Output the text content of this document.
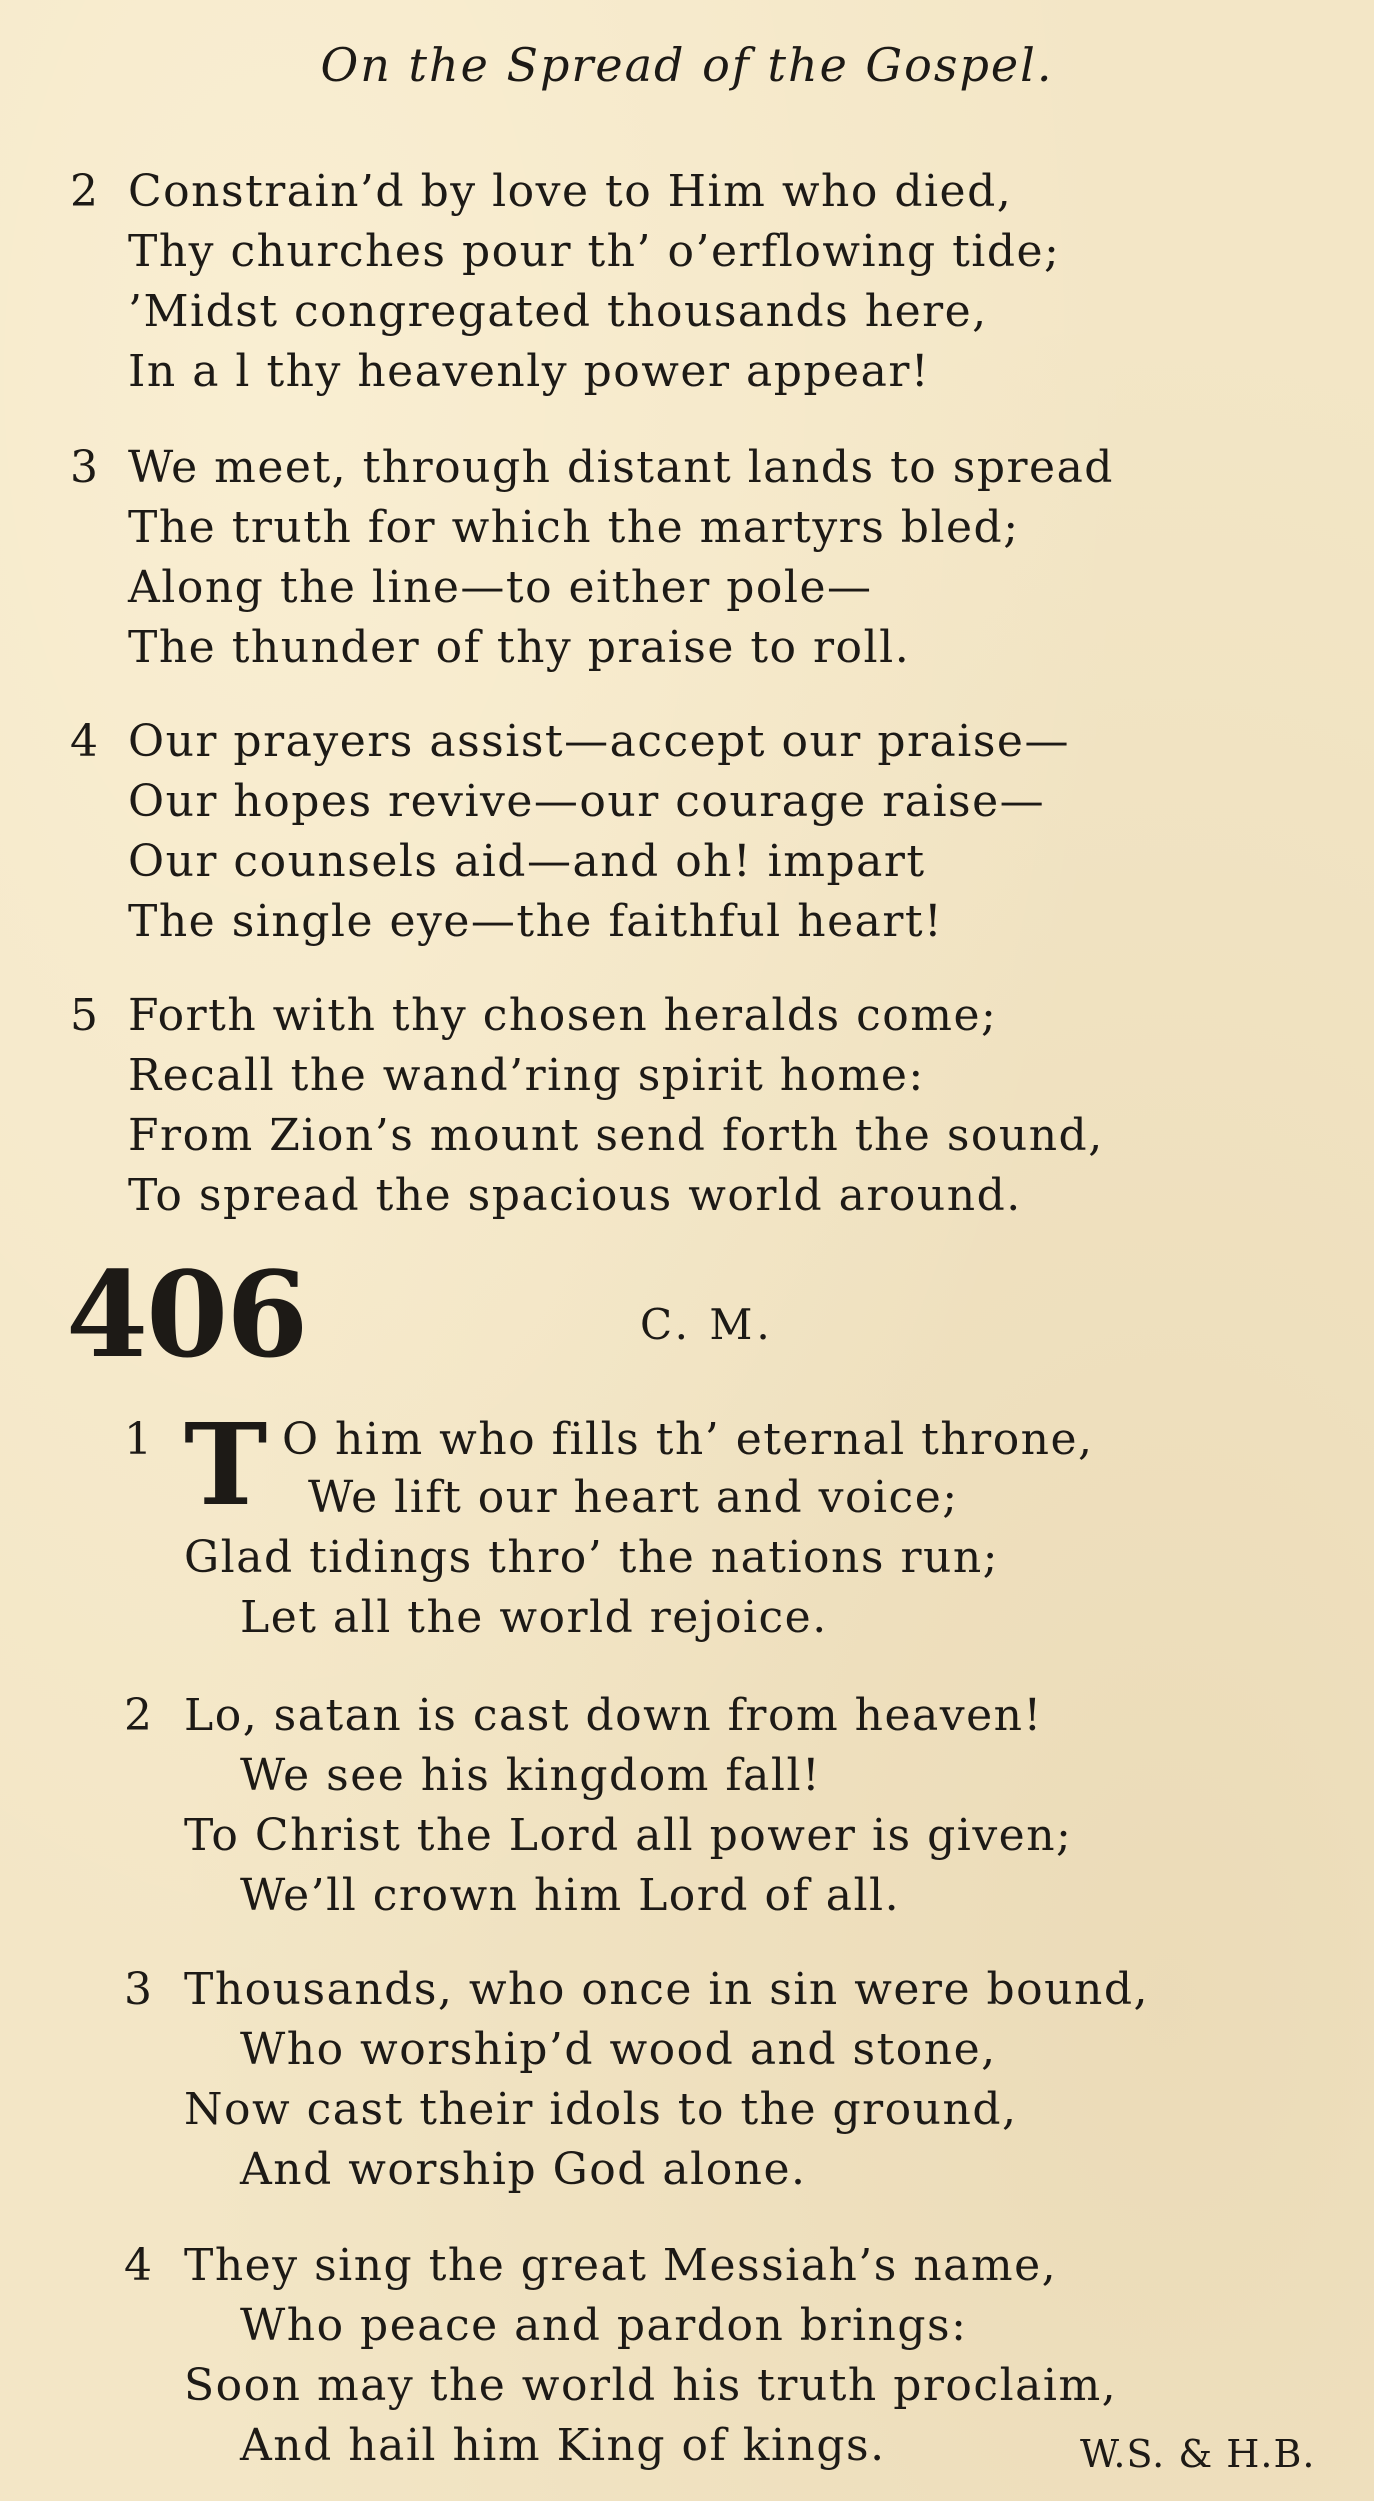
On the Spread of the Gospel.
2 Constrain’d by love to Him who died,
Thy churches pour th’ o’erflowing tide;
’Midst congregated thousands here,
In a l thy heavenly power appear!
3 We meet, through distant lands to spread
The truth for which the martyrs bled;
Along the line—to either pole—
The thunder of thy praise to roll.
4 Our prayers assist—accept our praise—
Our hopes revive—our courage raise—
Our counsels aid—and oh! impart
The single eye—the faithful heart!
5 Forth with thy chosen heralds come;
Recall the wand’ring spirit home:
From Zion’s mount send forth the sound,
To spread the spacious world around.
406	C. M.
1 T O him who fills th’ eternal throne,
We lift our heart and voice;
Glad tidings thro’ the nations run;
Let all the world rejoice.
2 Lo, satan is cast down from heaven!
We see his kingdom fall!
To Christ the Lord all power is given;
We’ll crown him Lord of all.
3 Thousands, who once in sin were bound,
Who worship’d wood and stone,
Now cast their idols to the ground,
And worship God alone.
4 They sing the great Messiah’s name,
Who peace and pardon brings:
Soon may the world his truth proclaim,
And hail him King of kings.	W.S. & H.B.
